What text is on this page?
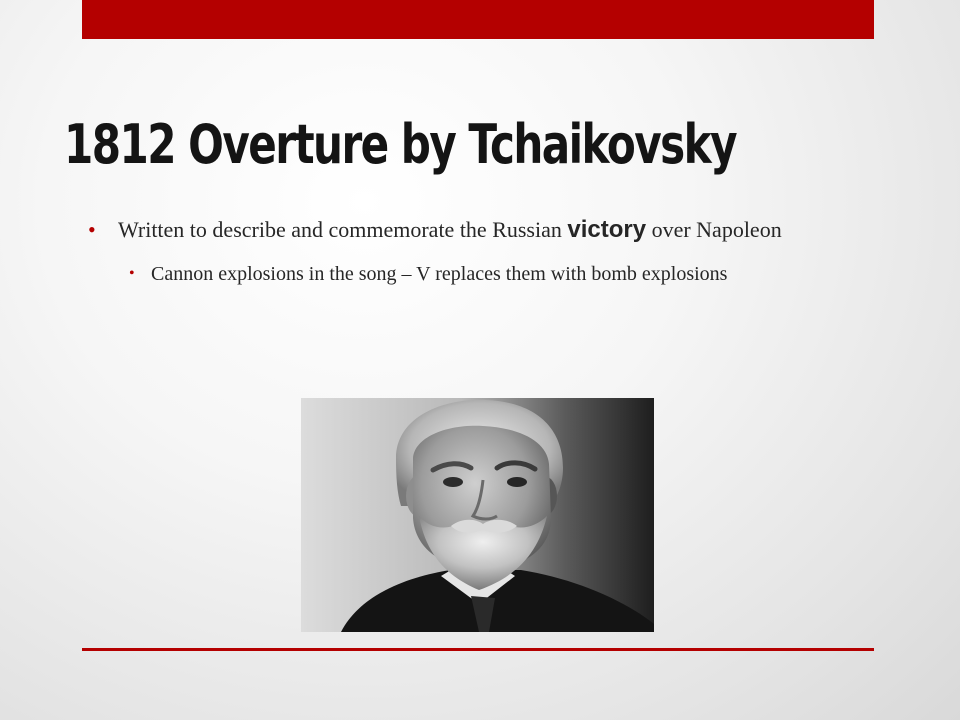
1812 Overture by Tchaikovsky
• Written to describe and commemorate the Russian victory over Napoleon
• Cannon explosions in the song – V replaces them with bomb explosions
